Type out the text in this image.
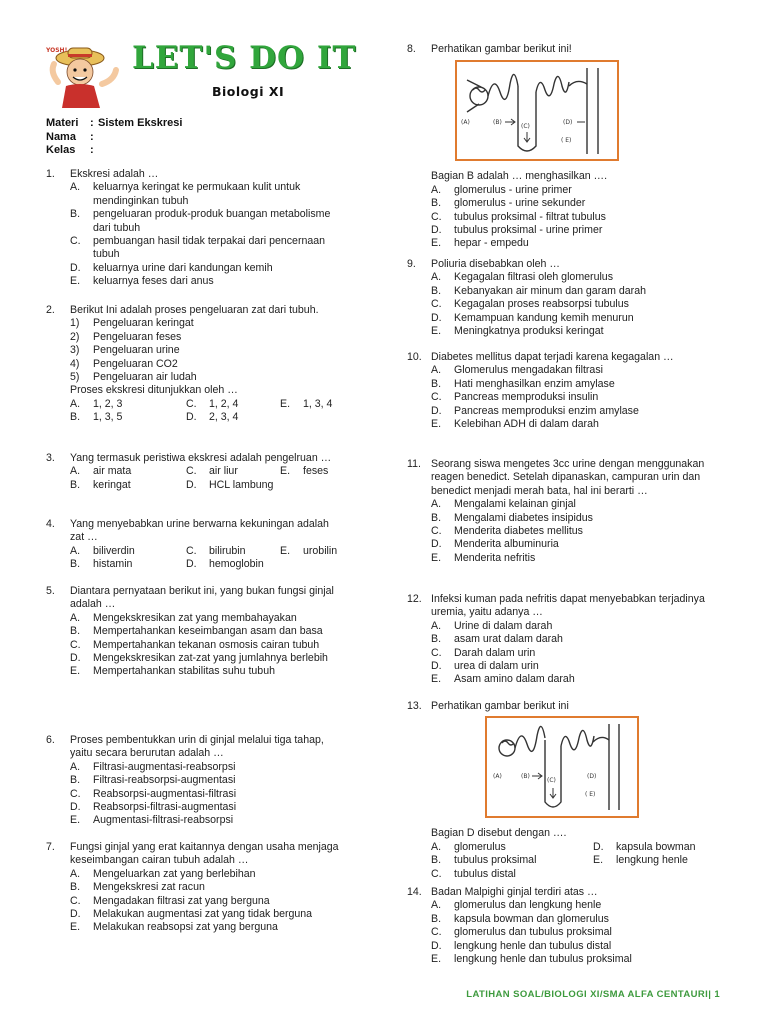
YOSH! LET'S DO IT
Biologi XI
Materi	: Sistem Ekskresi
Nama	:
Kelas	:
1.	Ekskresi adalah …
A.	keluarnya keringat ke permukaan kulit untuk mendinginkan tubuh
B.	pengeluaran produk-produk buangan metabolisme dari tubuh
C.	pembuangan hasil tidak terpakai dari pencernaan tubuh
D.	keluarnya urine dari kandungan kemih
E.	keluarnya feses dari anus
2.	Berikut Ini adalah proses pengeluaran zat dari tubuh.
1)	Pengeluaran keringat
2)	Pengeluaran feses
3)	Pengeluaran urine
4)	Pengeluaran CO2
5)	Pengeluaran air ludah
Proses ekskresi ditunjukkan oleh …
A.	1, 2, 3	C.	1, 2, 4	E.	1, 3, 4
B.	1, 3, 5	D.	2, 3, 4
3.	Yang termasuk peristiwa ekskresi adalah pengelruan …
A.	air mata	C.	air liur	E.	feses
B.	keringat	D.	HCL lambung
4.	Yang menyebabkan urine berwarna kekuningan adalah zat …
A.	biliverdin	C.	bilirubin	E.	urobilin
B.	histamin	D.	hemoglobin
5.	Diantara pernyataan berikut ini, yang bukan fungsi ginjal adalah …
A.	Mengekskresikan zat yang membahayakan
B.	Mempertahankan keseimbangan asam dan basa
C.	Mempertahankan tekanan osmosis cairan tubuh
D.	Mengekskresikan zat-zat yang jumlahnya berlebih
E.	Mempertahankan stabilitas suhu tubuh
6.	Proses pembentukkan urin di ginjal melalui tiga tahap, yaitu secara berurutan adalah …
A.	Filtrasi-augmentasi-reabsorpsi
B.	Filtrasi-reabsorpsi-augmentasi
C.	Reabsorpsi-augmentasi-filtrasi
D.	Reabsorpsi-filtrasi-augmentasi
E.	Augmentasi-filtrasi-reabsorpsi
7.	Fungsi ginjal yang erat kaitannya dengan usaha menjaga keseimbangan cairan tubuh adalah …
A.	Mengeluarkan zat yang berlebihan
B.	Mengekskresi zat racun
C.	Mengadakan filtrasi zat yang berguna
D.	Melakukan augmentasi zat yang tidak berguna
E.	Melakukan reabsopsi zat yang berguna
8.	Perhatikan gambar berikut ini!
(A)	(B)
(C)
(D)
( E)
Bagian B adalah … menghasilkan ….
A.	glomerulus - urine primer
B.	glomerulus - urine sekunder
C.	tubulus proksimal - filtrat tubulus
D.	tubulus proksimal - urine primer
E.	hepar - empedu
9.	Poliuria disebabkan oleh …
A.	Kegagalan filtrasi oleh glomerulus
B.	Kebanyakan air minum dan garam darah
C.	Kegagalan proses reabsorpsi tubulus
D.	Kemampuan kandung kemih menurun
E.	Meningkatnya produksi keringat
10. Diabetes mellitus dapat terjadi karena kegagalan …
A.	Glomerulus mengadakan filtrasi
B.	Hati menghasilkan enzim amylase
C.	Pancreas memproduksi insulin
D.	Pancreas memproduksi enzim amylase
E.	Kelebihan ADH di dalam darah
11. Seorang siswa mengetes 3cc urine dengan menggunakan reagen benedict. Setelah dipanaskan, campuran urin dan benedict menjadi merah bata, hal ini berarti …
A.	Mengalami kelainan ginjal
B.	Mengalami diabetes insipidus
C.	Menderita diabetes mellitus
D.	Menderita albuminuria
E.	Menderita nefritis
12. Infeksi kuman pada nefritis dapat menyebabkan terjadinya uremia, yaitu adanya …
A.	Urine di dalam darah
B.	asam urat dalam darah
C.	Darah dalam urin
D.	urea di dalam urin
E.	Asam amino dalam darah
13. Perhatikan gambar berikut ini
(A)	(B)
(C)
(D)
( E)
Bagian D disebut dengan ….
A.	glomerulus	D.	kapsula bowman
B.	tubulus proksimal	E.	lengkung henle
C.	tubulus distal
14. Badan Malpighi ginjal terdiri atas …
A.	glomerulus dan lengkung henle
B.	kapsula bowman dan glomerulus
C.	glomerulus dan tubulus proksimal
D.	lengkung henle dan tubulus distal
E.	lengkung henle dan tubulus proksimal
LATIHAN SOAL/BIOLOGI XI/SMA ALFA CENTAURI| 1
